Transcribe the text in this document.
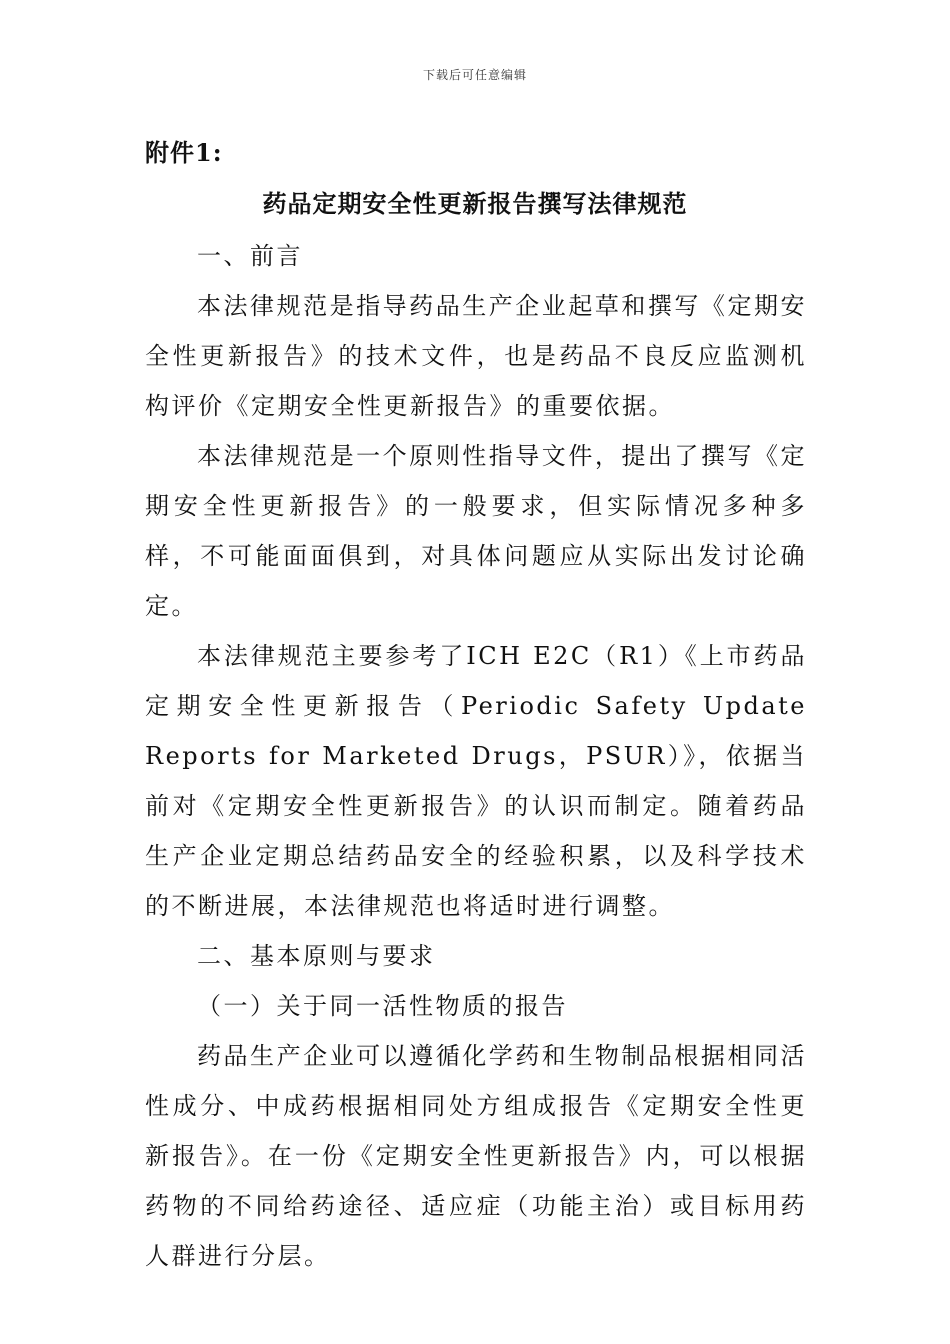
下载后可任意编辑
附件1:
药品定期安全性更新报告撰写法律规范

一、前言

本法律规范是指导药品生产企业起草和撰写《定期安全性更新报告》的技术文件，也是药品不良反应监测机构评价《定期安全性更新报告》的重要依据。

本法律规范是一个原则性指导文件，提出了撰写《定期安全性更新报告》的一般要求，但实际情况多种多样，不可能面面俱到，对具体问题应从实际出发讨论确定。

本法律规范主要参考了ICH E2C（R1）《上市药品定期安全性更新报告（Periodic Safety Update Reports for Marketed Drugs，PSUR）》，依据当前对《定期安全性更新报告》的认识而制定。随着药品生产企业定期总结药品安全的经验积累，以及科学技术的不断进展，本法律规范也将适时进行调整。

二、基本原则与要求

（一）关于同一活性物质的报告

药品生产企业可以遵循化学药和生物制品根据相同活性成分、中成药根据相同处方组成报告《定期安全性更新报告》。在一份《定期安全性更新报告》内，可以根据药物的不同给药途径、适应症（功能主治）或目标用药人群进行分层。
